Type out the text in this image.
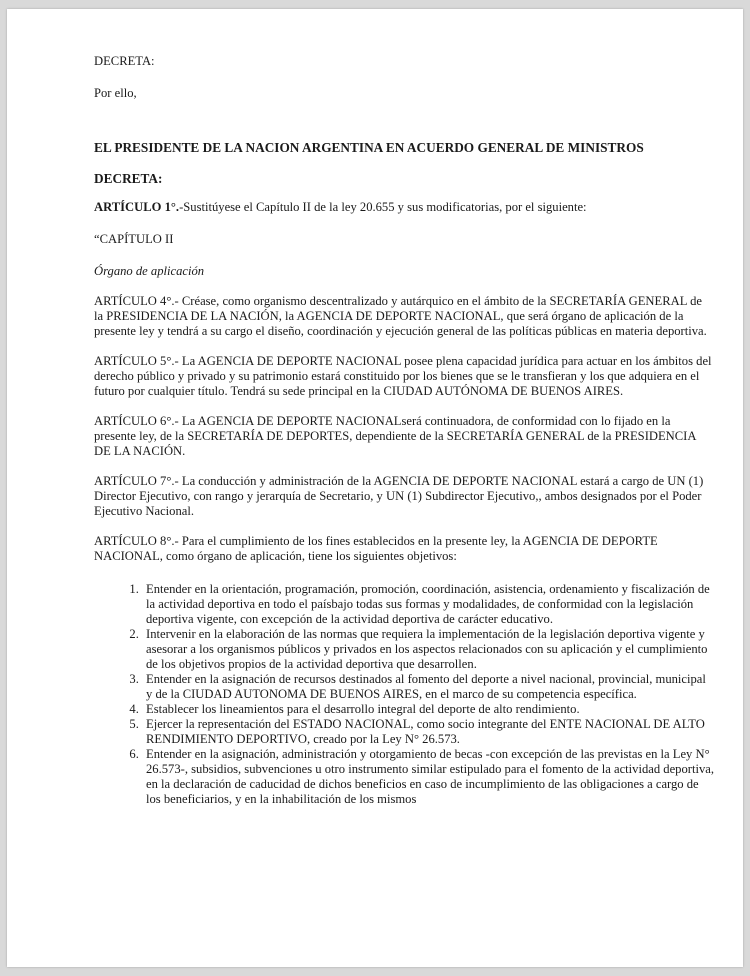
DECRETA:

Por ello,

EL PRESIDENTE DE LA NACION ARGENTINA EN ACUERDO GENERAL DE MINISTROS

DECRETA:

ARTÍCULO 1°.-Sustitúyese el Capítulo II de la ley 20.655 y sus modificatorias, por el siguiente:

“CAPÍTULO II

Órgano de aplicación

ARTÍCULO 4°.- Créase, como organismo descentralizado y autárquico en el ámbito de la SECRETARÍA GENERAL de la PRESIDENCIA DE LA NACIÓN, la AGENCIA DE DEPORTE NACIONAL, que será órgano de aplicación de la presente ley y tendrá a su cargo el diseño, coordinación y ejecución general de las políticas públicas en materia deportiva.

ARTÍCULO 5°.- La AGENCIA DE DEPORTE NACIONAL posee plena capacidad jurídica para actuar en los ámbitos del derecho público y privado y su patrimonio estará constituido por los bienes que se le transfieran y los que adquiera en el futuro por cualquier título. Tendrá su sede principal en la CIUDAD AUTÓNOMA DE BUENOS AIRES.

ARTÍCULO 6°.- La AGENCIA DE DEPORTE NACIONALserá continuadora, de conformidad con lo fijado en la presente ley, de la SECRETARÍA DE DEPORTES, dependiente de la SECRETARÍA GENERAL de la PRESIDENCIA DE LA NACIÓN.

ARTÍCULO 7°.- La conducción y administración de la AGENCIA DE DEPORTE NACIONAL estará a cargo de UN (1) Director Ejecutivo, con rango y jerarquía de Secretario, y UN (1) Subdirector Ejecutivo,, ambos designados por el Poder Ejecutivo Nacional.

ARTÍCULO 8°.- Para el cumplimiento de los fines establecidos en la presente ley, la AGENCIA DE DEPORTE NACIONAL, como órgano de aplicación, tiene los siguientes objetivos:

1. Entender en la orientación, programación, promoción, coordinación, asistencia, ordenamiento y fiscalización de la actividad deportiva en todo el paísbajo todas sus formas y modalidades, de conformidad con la legislación deportiva vigente, con excepción de la actividad deportiva de carácter educativo.
2. Intervenir en la elaboración de las normas que requiera la implementación de la legislación deportiva vigente y asesorar a los organismos públicos y privados en los aspectos relacionados con su aplicación y el cumplimiento de los objetivos propios de la actividad deportiva que desarrollen.
3. Entender en la asignación de recursos destinados al fomento del deporte a nivel nacional, provincial, municipal y de la CIUDAD AUTONOMA DE BUENOS AIRES, en el marco de su competencia específica.
4. Establecer los lineamientos para el desarrollo integral del deporte de alto rendimiento.
5. Ejercer la representación del ESTADO NACIONAL, como socio integrante del ENTE NACIONAL DE ALTO RENDIMIENTO DEPORTIVO, creado por la Ley N° 26.573.
6. Entender en la asignación, administración y otorgamiento de becas -con excepción de las previstas en la Ley N° 26.573-, subsidios, subvenciones u otro instrumento similar estipulado para el fomento de la actividad deportiva, en la declaración de caducidad de dichos beneficios en caso de incumplimiento de las obligaciones a cargo de los beneficiarios, y en la inhabilitación de los mismos
